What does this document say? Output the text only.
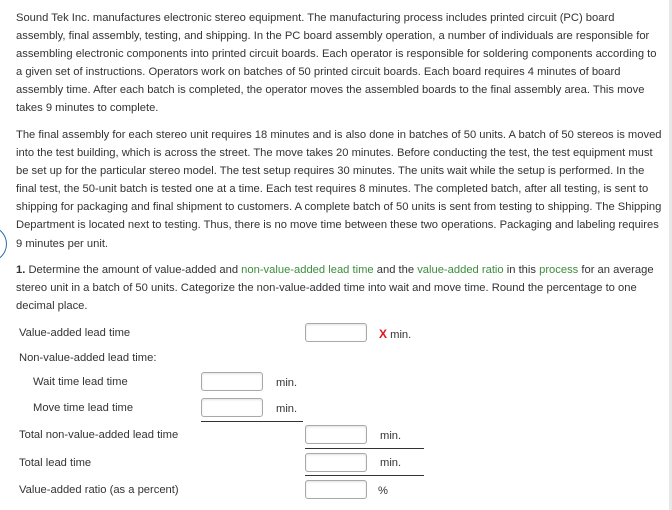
Sound Tek Inc. manufactures electronic stereo equipment. The manufacturing process includes printed circuit (PC) board assembly, final assembly, testing, and shipping. In the PC board assembly operation, a number of individuals are responsible for assembling electronic components into printed circuit boards. Each operator is responsible for soldering components according to a given set of instructions. Operators work on batches of 50 printed circuit boards. Each board requires 4 minutes of board assembly time. After each batch is completed, the operator moves the assembled boards to the final assembly area. This move takes 9 minutes to complete.

The final assembly for each stereo unit requires 18 minutes and is also done in batches of 50 units. A batch of 50 stereos is moved into the test building, which is across the street. The move takes 20 minutes. Before conducting the test, the test equipment must be set up for the particular stereo model. The test setup requires 30 minutes. The units wait while the setup is performed. In the final test, the 50-unit batch is tested one at a time. Each test requires 8 minutes. The completed batch, after all testing, is sent to shipping for packaging and final shipment to customers. A complete batch of 50 units is sent from testing to shipping. The Shipping Department is located next to testing. Thus, there is no move time between these two operations. Packaging and labeling requires 9 minutes per unit.

1. Determine the amount of value-added and non-value-added lead time and the value-added ratio in this process for an average stereo unit in a batch of 50 units. Categorize the non-value-added time into wait and move time. Round the percentage to one decimal place.

Value-added lead time	X min.
Non-value-added lead time:
Wait time lead time	min.
Move time lead time	min.
Total non-value-added lead time	min.
Total lead time	min.
Value-added ratio (as a percent)	%
